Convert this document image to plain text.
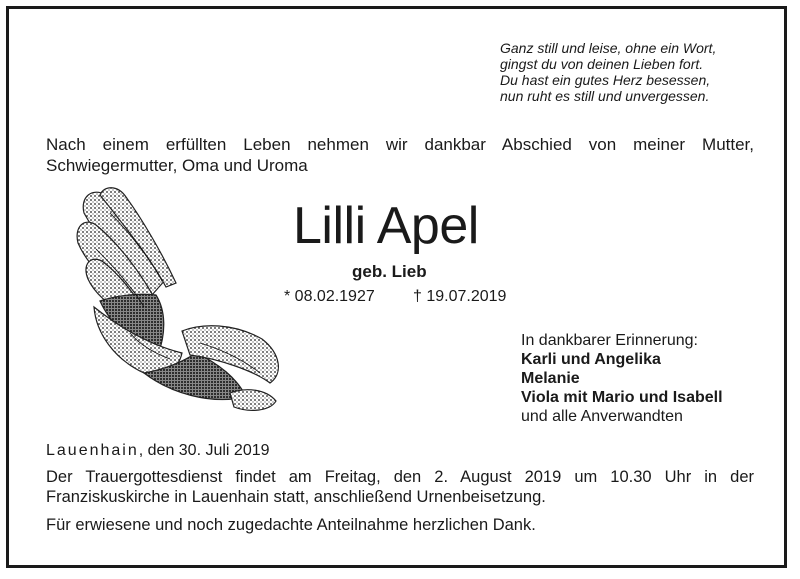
Ganz still und leise, ohne ein Wort,
gingst du von deinen Lieben fort.
Du hast ein gutes Herz besessen,
nun ruht es still und unvergessen.
Nach einem erfüllten Leben nehmen wir dankbar Abschied von meiner Mutter, Schwiegermutter, Oma und Uroma
Lilli Apel
geb. Lieb
* 08.02.1927 † 19.07.2019
In dankbarer Erinnerung:
Karli und Angelika
Melanie
Viola mit Mario und Isabell
und alle Anverwandten
Lauenhain, den 30. Juli 2019
Der Trauergottesdienst findet am Freitag, den 2. August 2019 um 10.30 Uhr in der Franziskuskirche in Lauenhain statt, anschließend Urnenbeisetzung.
Für erwiesene und noch zugedachte Anteilnahme herzlichen Dank.
